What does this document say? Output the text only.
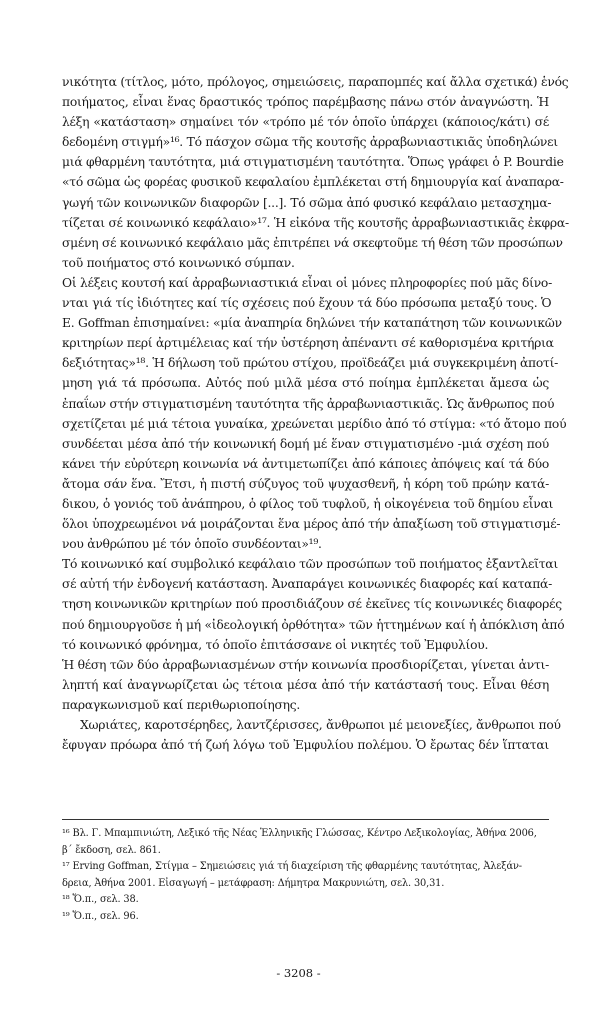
νικότητα (τίτλος, μότο, πρόλογος, σημειώσεις, παραπομπές καί ἄλλα σχετικά) ἑνός
ποιήματος, εἶναι ἕνας δραστικός τρόπος παρέμβασης πάνω στόν ἀναγνώστη. Ἡ
λέξη «κατάσταση» σημαίνει τόν «τρόπο μέ τόν ὁποῖο ὑπάρχει (κάποιος/κάτι) σέ
δεδομένη στιγμή»¹⁶. Τό πάσχον σῶμα τῆς κουτσῆς ἀρραβωνιαστικιᾶς ὑποδηλώνει
μιά φθαρμένη ταυτότητα, μιά στιγματισμένη ταυτότητα. Ὅπως γράφει ὁ P. Bourdie
«τό σῶμα ὡς φορέας φυσικοῦ κεφαλαίου ἐμπλέκεται στή δημιουργία καί ἀναπαρα-
γωγή τῶν κοινωνικῶν διαφορῶν [...]. Τό σῶμα ἀπό φυσικό κεφάλαιο μετασχημα-
τίζεται σέ κοινωνικό κεφάλαιο»¹⁷. Ἡ εἰκόνα τῆς κουτσῆς ἀρραβωνιαστικιᾶς ἐκφρα-
σμένη σέ κοινωνικό κεφάλαιο μᾶς ἐπιτρέπει νά σκεφτοῦμε τή θέση τῶν προσώπων
τοῦ ποιήματος στό κοινωνικό σύμπαν.
Οἱ λέξεις κουτσή καί ἀρραβωνιαστικιά εἶναι οἱ μόνες πληροφορίες πού μᾶς δίνο-
νται γιά τίς ἰδιότητες καί τίς σχέσεις πού ἔχουν τά δύο πρόσωπα μεταξύ τους. Ὁ
E. Goffman ἐπισημαίνει: «μία ἀναπηρία δηλώνει τήν καταπάτηση τῶν κοινωνικῶν
κριτηρίων περί ἀρτιμέλειας καί τήν ὑστέρηση ἀπέναντι σέ καθορισμένα κριτήρια
δεξιότητας»¹⁸. Ἡ δήλωση τοῦ πρώτου στίχου, προϊδεάζει μιά συγκεκριμένη ἀποτί-
μηση γιά τά πρόσωπα. Αὐτός πού μιλᾶ μέσα στό ποίημα ἐμπλέκεται ἄμεσα ὡς
ἐπαΐων στήν στιγματισμένη ταυτότητα τῆς ἀρραβωνιαστικιᾶς. Ὡς ἄνθρωπος πού
σχετίζεται μέ μιά τέτοια γυναίκα, χρεώνεται μερίδιο ἀπό τό στίγμα: «τό ἄτομο πού
συνδέεται μέσα ἀπό τήν κοινωνική δομή μέ ἕναν στιγματισμένο -μιά σχέση πού
κάνει τήν εὐρύτερη κοινωνία νά ἀντιμετωπίζει ἀπό κάποιες ἀπόψεις καί τά δύο
ἄτομα σάν ἕνα. Ἔτσι, ἡ πιστή σύζυγος τοῦ ψυχασθενῆ, ἡ κόρη τοῦ πρώην κατά-
δικου, ὁ γονιός τοῦ ἀνάπηρου, ὁ φίλος τοῦ τυφλοῦ, ἡ οἰκογένεια τοῦ δημίου εἶναι
ὅλοι ὑποχρεωμένοι νά μοιράζονται ἕνα μέρος ἀπό τήν ἀπαξίωση τοῦ στιγματισμέ-
νου ἀνθρώπου μέ τόν ὁποῖο συνδέονται»¹⁹.
Τό κοινωνικό καί συμβολικό κεφάλαιο τῶν προσώπων τοῦ ποιήματος ἐξαντλεῖται
σέ αὐτή τήν ἐνδογενή κατάσταση. Ἀναπαράγει κοινωνικές διαφορές καί καταπά-
τηση κοινωνικῶν κριτηρίων πού προσιδιάζουν σέ ἐκεῖνες τίς κοινωνικές διαφορές
πού δημιουργοῦσε ἡ μή «ἰδεολογική ὀρθότητα» τῶν ἡττημένων καί ἡ ἀπόκλιση ἀπό
τό κοινωνικό φρόνημα, τό ὁποῖο ἐπιτάσσανε οἱ νικητές τοῦ Ἐμφυλίου.
Ἡ θέση τῶν δύο ἀρραβωνιασμένων στήν κοινωνία προσδιορίζεται, γίνεται ἀντι-
ληπτή καί ἀναγνωρίζεται ὡς τέτοια μέσα ἀπό τήν κατάστασή τους. Εἶναι θέση
παραγκωνισμοῦ καί περιθωριοποίησης.
Χωριάτες, καροτσέρηδες, λαντζέρισσες, ἄνθρωποι μέ μειονεξίες, ἄνθρωποι πού
ἔφυγαν πρόωρα ἀπό τή ζωή λόγω τοῦ Ἐμφυλίου πολέμου. Ὁ ἔρωτας δέν ἵπταται
¹⁶ Βλ. Γ. Μπαμπινιώτη, Λεξικό τῆς Νέας Ἑλληνικῆς Γλώσσας, Κέντρο Λεξικολογίας, Ἀθήνα 2006,
β΄ ἔκδοση, σελ. 861.
¹⁷ Erving Goffman, Στίγμα – Σημειώσεις γιά τή διαχείριση τῆς φθαρμένης ταυτότητας, Ἀλεξάν-
δρεια, Ἀθήνα 2001. Εἰσαγωγή – μετάφραση: Δήμητρα Μακρυνιώτη, σελ. 30,31.
¹⁸ Ὅ.π., σελ. 38.
¹⁹ Ὅ.π., σελ. 96.
- 3208 -
